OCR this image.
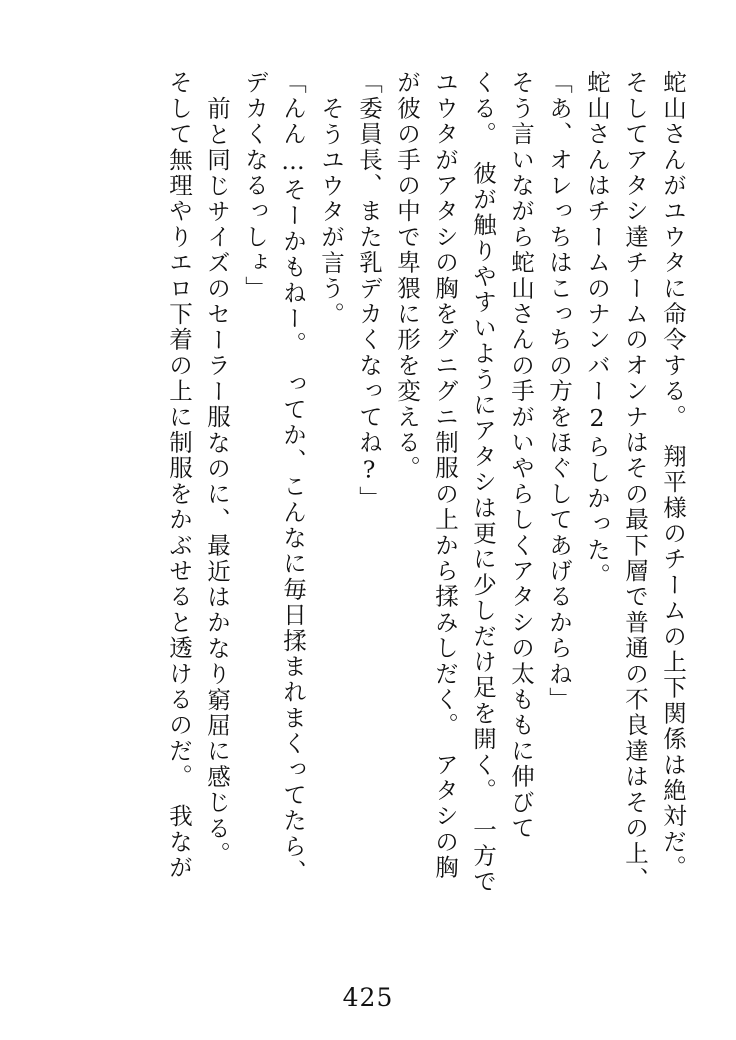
蛇山さんがユウタに命令する。　翔平様のチームの上下関係は絶対だ。
そしてアタシ達チームのオンナはその最下層で普通の不良達はその上、
蛇山さんはチームのナンバー2らしかった。
「あ、オレっちはこっちの方をほぐしてあげるからね」
そう言いながら蛇山さんの手がいやらしくアタシの太ももに伸びて
くる。　彼が触りやすいようにアタシは更に少しだけ足を開く。　一方で
ユウタがアタシの胸をグニグニ制服の上から揉みしだく。　アタシの胸
が彼の手の中で卑猥に形を変える。
「委員長、また乳デカくなってね?」
そうユウタが言う。
「んん…そーかもねー。　ってか、こんなに毎日揉まれまくってたら、
デカくなるっしょ」
前と同じサイズのセーラー服なのに、最近はかなり窮屈に感じる。
そして無理やりエロ下着の上に制服をかぶせると透けるのだ。　我なが
425
